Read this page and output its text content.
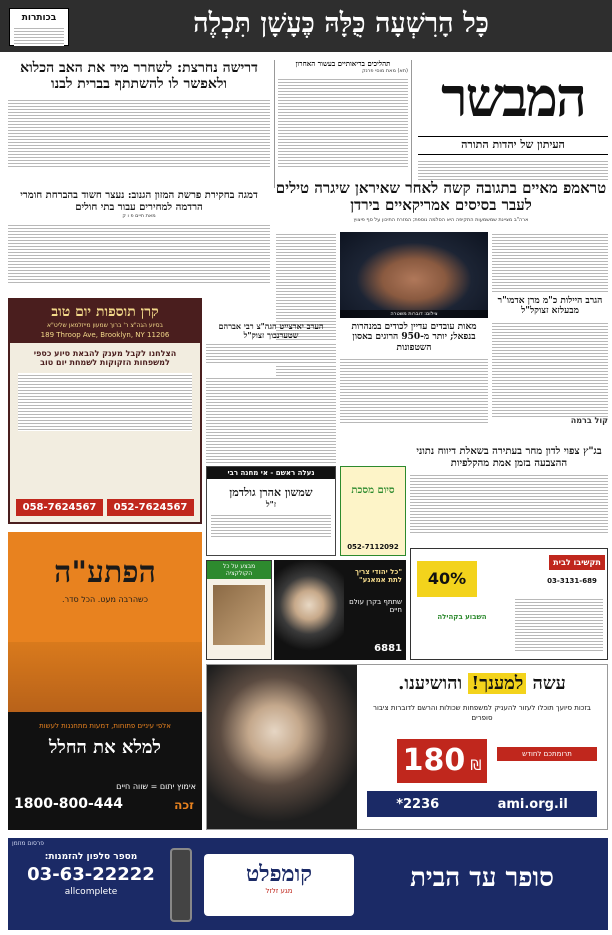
בכותרות	כָּל הָרִשְׁעָה כֻּלָּהּ כֶּעָשָׁן תִּכְלֶה
המבשר
העיתון של יהדות התורה
דרישה נחרצת: לשחרר מיד את האב הכלוא ולאפשר לו להשתתף בברית לבנו
תהליכים בריאותיים בעשור האחרון
(תא) מאת מוסי פרנק
דמגה בחקירת פרשת המזון הגנוב: נעצר חשוד בהברחת חומרי הרדמה למחירים עבור בתי חולים
מאת חיים פ ו ק
טראמפ מאיים בתגובה קשה לאחר שאיראן שיגרה טילים לעבר בסיסים אמריקאיים בירדן
ארה"ב מציינת שמשמעות התקיפה היא הסלמה נוספת; המזרח התיכון על סף פיצוץ
צילום: דוברות משטרה
מאות עובדים עדיין לכודים במנהרות בנפאל; יותר מ-950 הרוגים באסון השטפונות
הגרב היילות כ"מ מרן אדמו"ר מבעלזא זצוקל"ל
קול ברמה
הערב יארצייט הגה"צ רבי אברהם שטערנבוך זצוק"ל
בג"ץ צפוי לדון מחר בעתירה בשאלת דיווח נתוני ההצבעה בזמן אמת מהקלפיות
קרן תוספות יום טוב
בסיוע הגה"צ ר' ברוך שמעון מייזלמאן שליט"א
189 Throop Ave, Brooklyn, NY 11206
הצלחנו לקבל מענק להבאת סיוע כספי למשפחות הזקוקות לשמחת יום טוב
058-7624567	052-7624567
נעלה ראשם - אי מחנה רבי
שמשון אהרן גולדמן
ז"ל
סיום מסכת
052-7112092
תקשיבו לבית
03-3131-689
40%
השבוע בקהילה
מבצע על כל הקולקציה	"כל יהודי צריך לתת אמאנע"
שתתף בקרן עולם חיים
6881
הפתע"ה
כשהרבה מעט. הכל סדר.
אלפי עיניים פתוחות, דמעות מתחננות לעשות
למלא את החלל
אימוץ יתום = שווה חיים
1800-800-444	זכה
עשה למענך! והושיענו.
בזכות סיועך תוכלו לעזור להעניק למשפחות שכולות והרשם לדוברות ציבור סופרים
180 ₪
תרומתכם לחודש
*2236	ami.org.il
פרסום מוזמן
מספר סלפון להזמנות:
03-63-22222
allcomplete
קומפלט
מגע זלזל	סופר עד הבית
